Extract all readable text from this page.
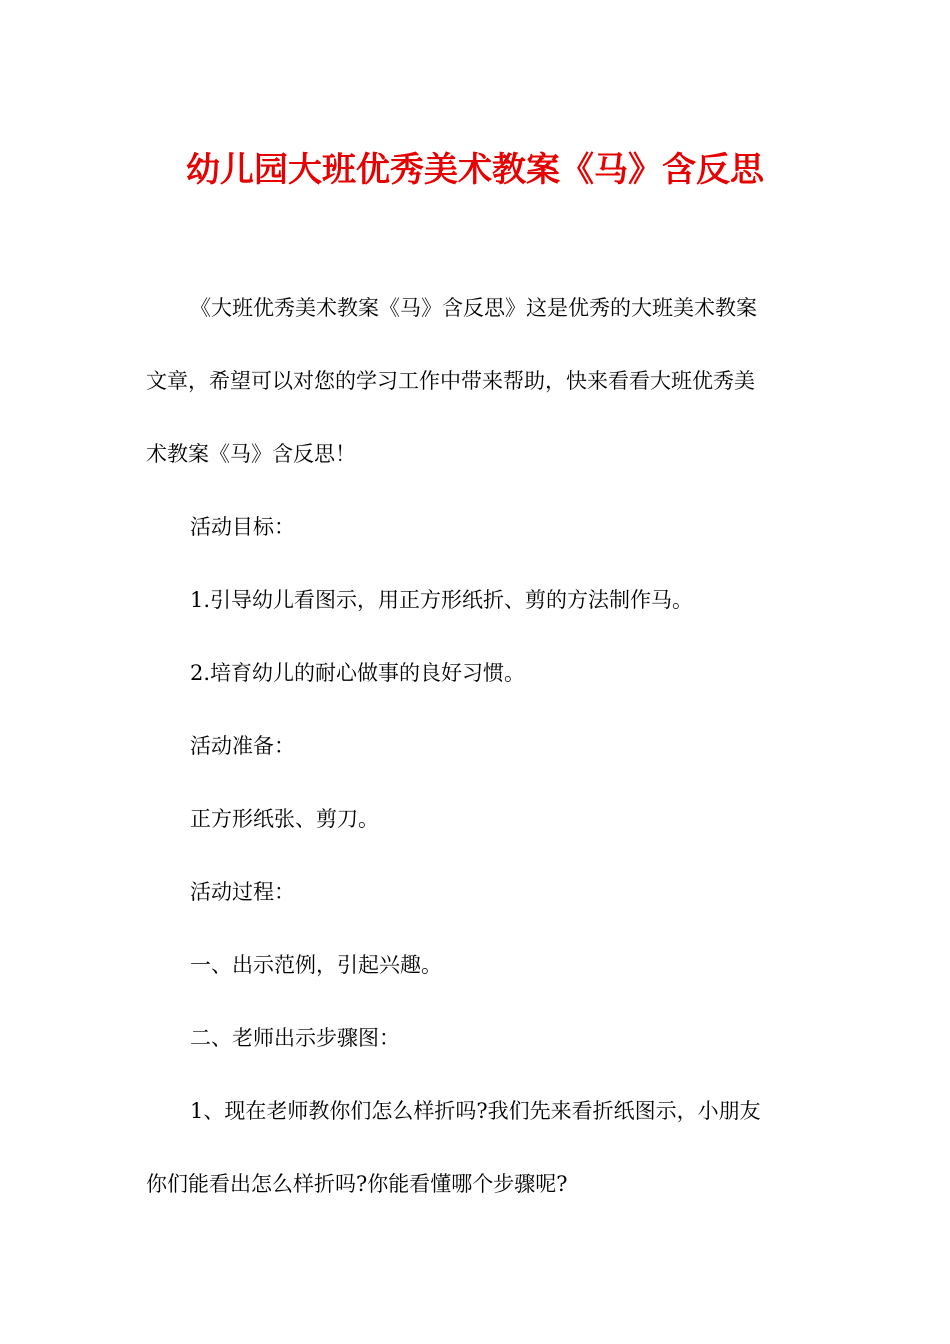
幼儿园大班优秀美术教案《马》含反思
《大班优秀美术教案《马》含反思》这是优秀的大班美术教案
文章，希望可以对您的学习工作中带来帮助，快来看看大班优秀美
术教案《马》含反思！
活动目标：
1.引导幼儿看图示，用正方形纸折、剪的方法制作马。
2.培育幼儿的耐心做事的良好习惯。
活动准备：
正方形纸张、剪刀。
活动过程：
一、出示范例，引起兴趣。
二、老师出示步骤图：
1、现在老师教你们怎么样折吗?我们先来看折纸图示，小朋友
你们能看出怎么样折吗?你能看懂哪个步骤呢?
